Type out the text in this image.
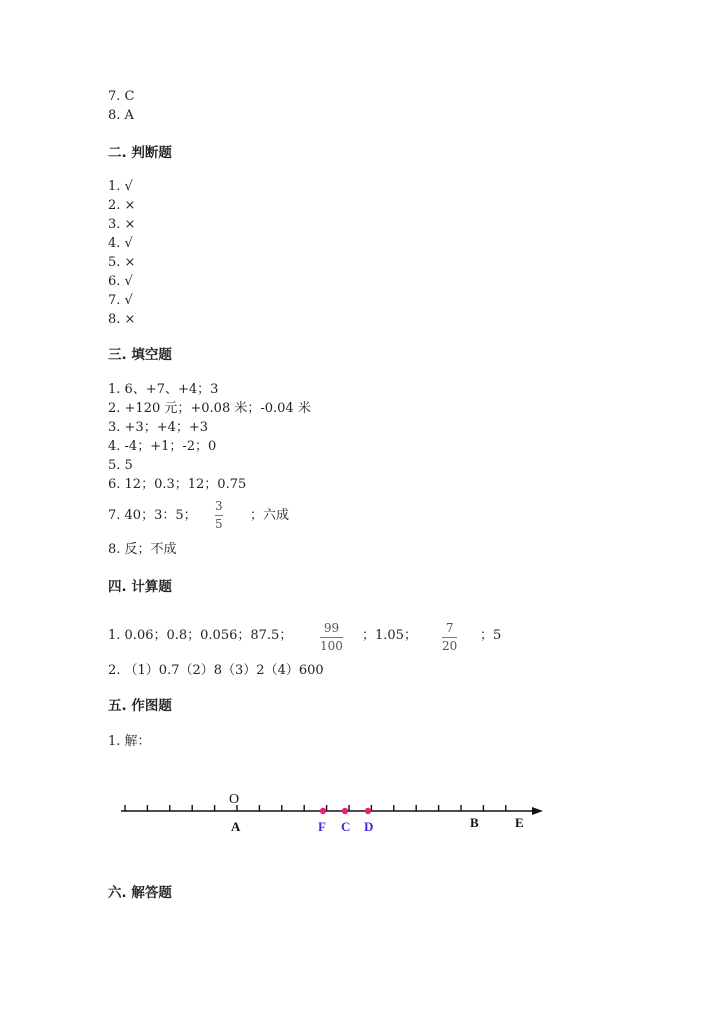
7. C
8. A
二. 判断题
1. √
2. ×
3. ×
4. √
5. ×
6. √
7. √
8. ×
三. 填空题
1. 6、+7、+4；3
2. +120 元；+0.08 米；-0.04 米
3. +3；+4；+3
4. -4；+1；-2；0
5. 5
6. 12；0.3；12；0.75
7. 40；3：5；
3
5
；六成
8. 反；不成
四. 计算题
1. 0.06；0.8；0.056；87.5；	99
100
；1.05； 7
20
；5
2. （1）0.7（2）8（3）2（4）600
五. 作图题
1. 解：
O
A	F C D	B	E
六. 解答题
